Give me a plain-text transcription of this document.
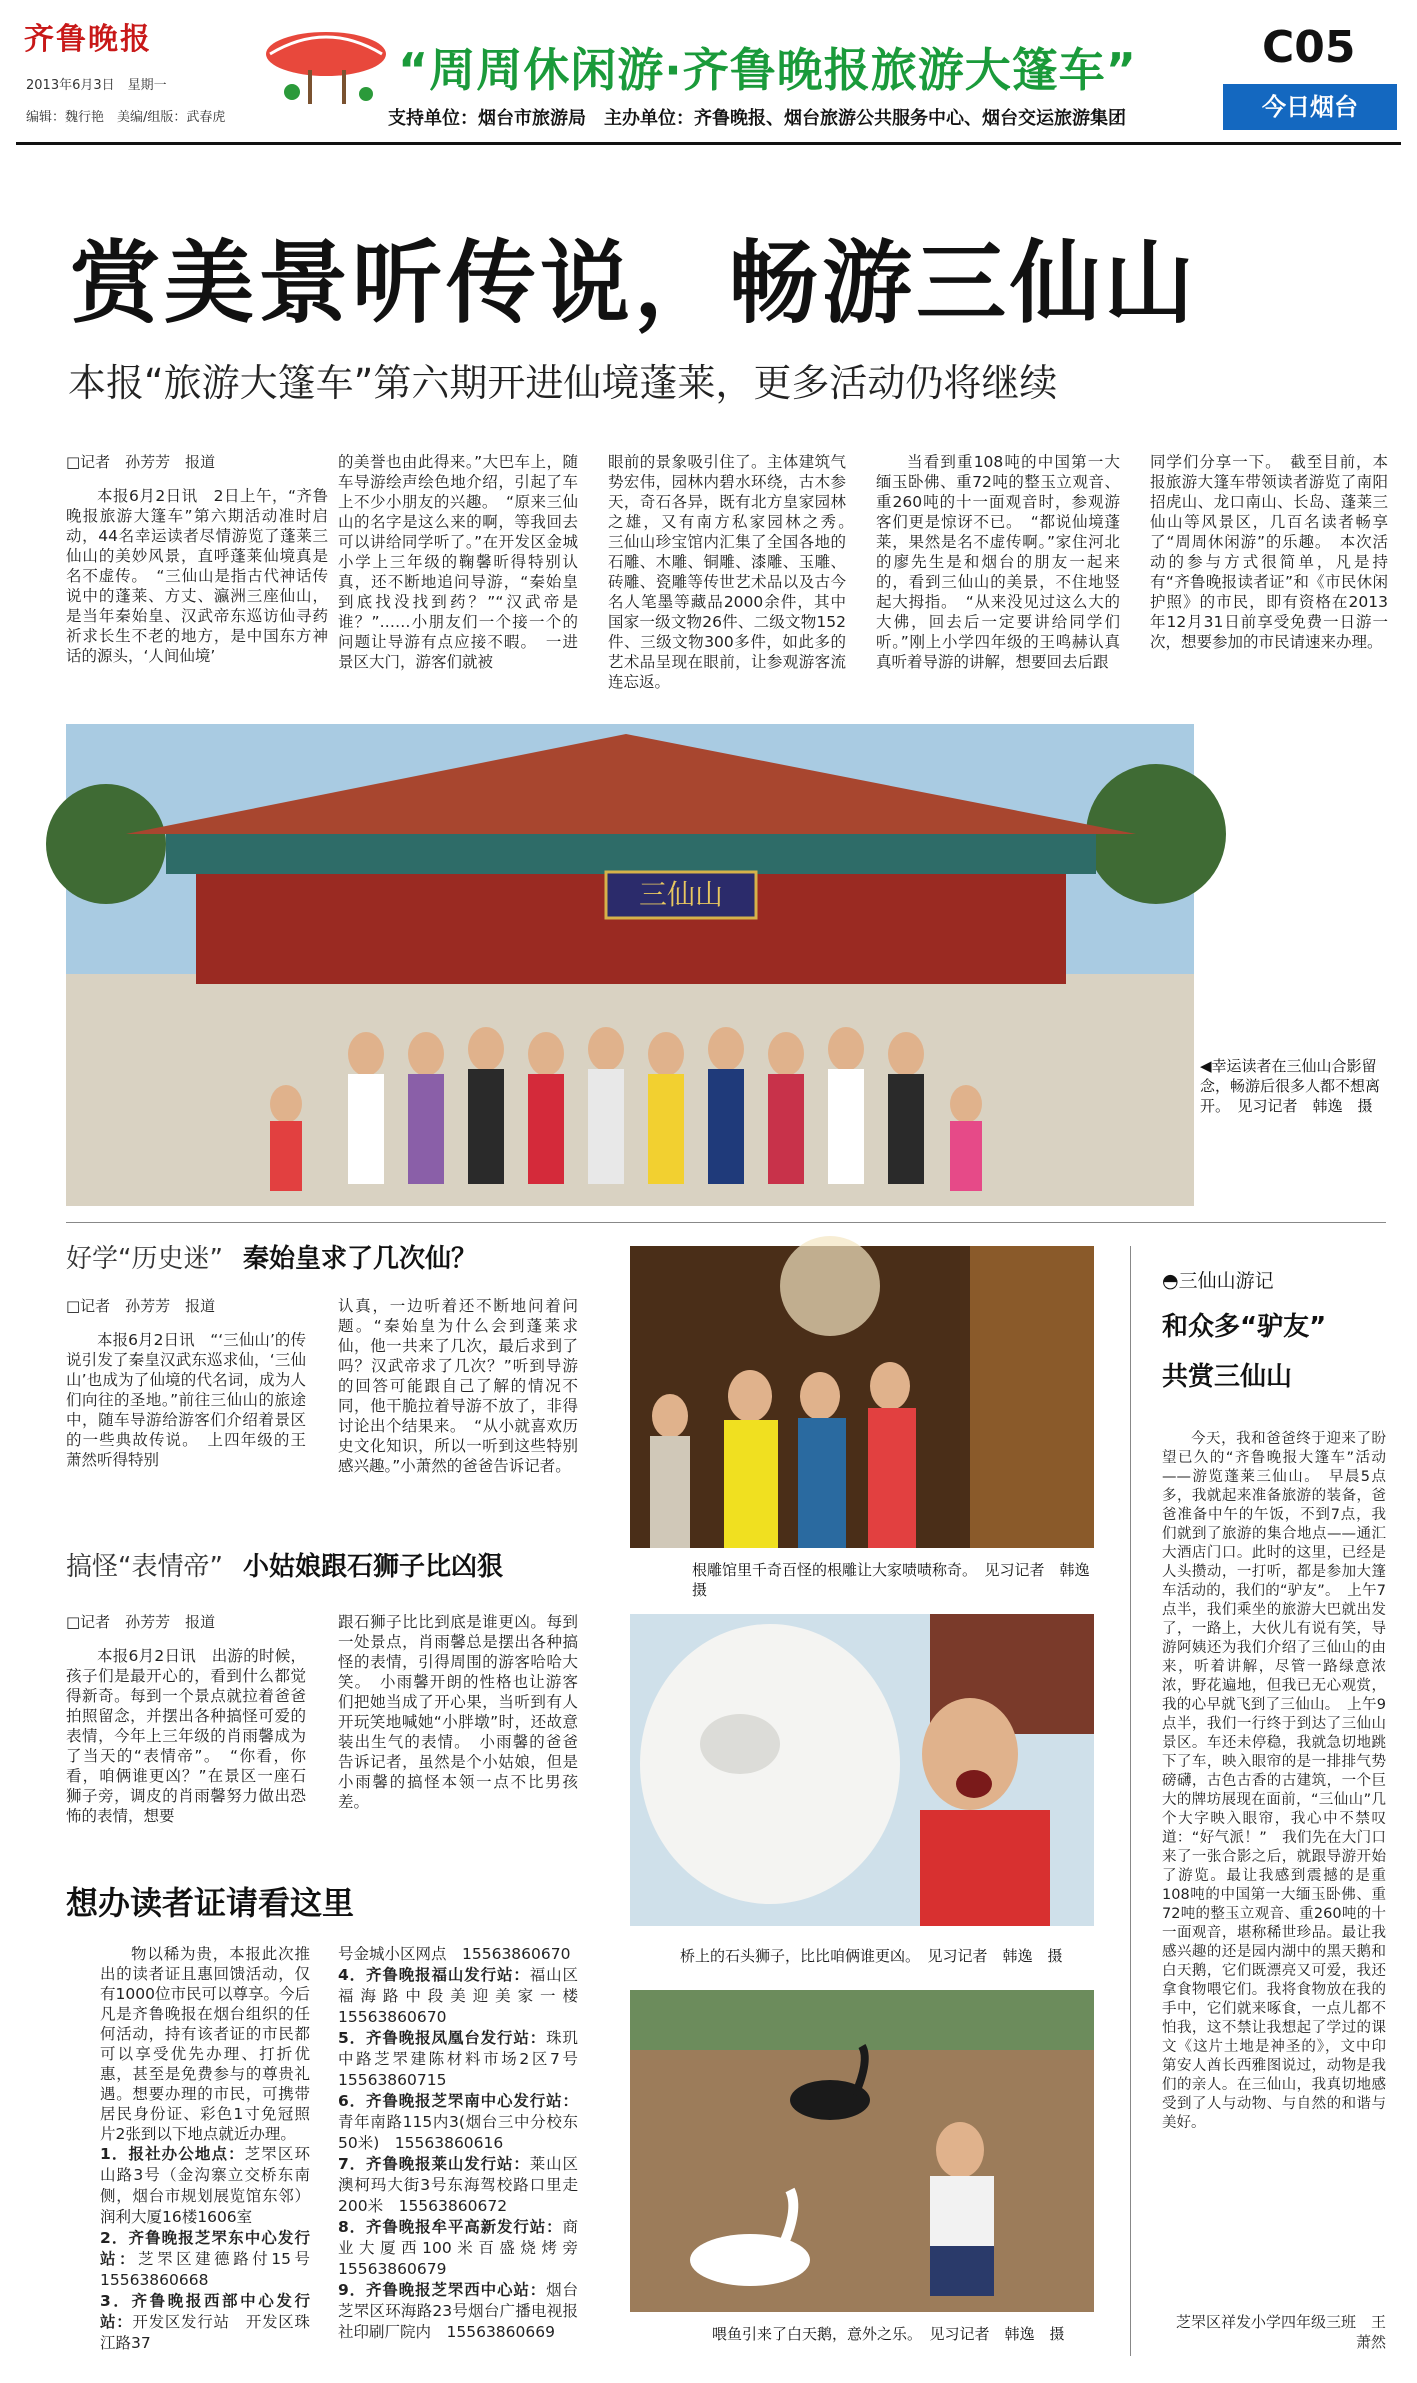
齐鲁晚报
2013年6月3日　星期一
编辑：魏行艳　美编/组版：武春虎
“周周休闲游·齐鲁晚报旅游大篷车”
支持单位：烟台市旅游局　主办单位：齐鲁晚报、烟台旅游公共服务中心、烟台交运旅游集团
C05
今日烟台
赏美景听传说，畅游三仙山
本报“旅游大篷车”第六期开进仙境蓬莱，更多活动仍将继续
□记者　孙芳芳　报道

本报6月2日讯　2日上午，“齐鲁晚报旅游大篷车”第六期活动准时启动，44名幸运读者尽情游览了蓬莱三仙山的美妙风景，直呼蓬莱仙境真是名不虚传。　“三仙山是指古代神话传说中的蓬莱、方丈、瀛洲三座仙山，是当年秦始皇、汉武帝东巡访仙寻药祈求长生不老的地方，是中国东方神话的源头，‘人间仙境’

的美誉也由此得来。”大巴车上，随车导游绘声绘色地介绍，引起了车上不少小朋友的兴趣。　“原来三仙山的名字是这么来的啊，等我回去可以讲给同学听了。”在开发区金城小学上三年级的鞠馨昕得特别认真，还不断地追问导游，“秦始皇到底找没找到药？”“汉武帝是谁？”……小朋友们一个接一个的问题让导游有点应接不暇。　一进景区大门，游客们就被

眼前的景象吸引住了。主体建筑气势宏伟，园林内碧水环绕，古木参天，奇石各异，既有北方皇家园林之雄，又有南方私家园林之秀。　三仙山珍宝馆内汇集了全国各地的石雕、木雕、铜雕、漆雕、玉雕、砖雕、瓷雕等传世艺术品以及古今名人笔墨等藏品2000余件，其中国家一级文物26件、二级文物152件、三级文物300多件，如此多的艺术品呈现在眼前，让参观游客流连忘返。

当看到重108吨的中国第一大缅玉卧佛、重72吨的整玉立观音、重260吨的十一面观音时，参观游客们更是惊讶不已。　“都说仙境蓬莱，果然是名不虚传啊。”家住河北的廖先生是和烟台的朋友一起来的，看到三仙山的美景，不住地竖起大拇指。　“从来没见过这么大的大佛，回去后一定要讲给同学们听。”刚上小学四年级的王鸣赫认真真听着导游的讲解，想要回去后跟

同学们分享一下。　截至目前，本报旅游大篷车带领读者游览了南阳招虎山、龙口南山、长岛、蓬莱三仙山等风景区，几百名读者畅享了“周周休闲游”的乐趣。　本次活动的参与方式很简单，凡是持有“齐鲁晚报读者证”和《市民休闲护照》的市民，即有资格在2013年12月31日前享受免费一日游一次，想要参加的市民请速来办理。

三仙山
◀幸运读者在三仙山合影留念，畅游后很多人都不想离开。　见习记者　韩逸　摄
好学“历史迷” 秦始皇求了几次仙？
□记者　孙芳芳　报道

本报6月2日讯　“‘三仙山’的传说引发了秦皇汉武东巡求仙，‘三仙山’也成为了仙境的代名词，成为人们向往的圣地。”前往三仙山的旅途中，随车导游给游客们介绍着景区的一些典故传说。　上四年级的王萧然听得特别

认真，一边听着还不断地问着问题。“秦始皇为什么会到蓬莱求仙，他一共来了几次，最后求到了吗？汉武帝求了几次？”听到导游的回答可能跟自己了解的情况不同，他干脆拉着导游不放了，非得讨论出个结果来。　“从小就喜欢历史文化知识，所以一听到这些特别感兴趣。”小萧然的爸爸告诉记者。

搞怪“表情帝” 小姑娘跟石狮子比凶狠
□记者　孙芳芳　报道

本报6月2日讯　出游的时候，孩子们是最开心的，看到什么都觉得新奇。每到一个景点就拉着爸爸拍照留念，并摆出各种搞怪可爱的表情，今年上三年级的肖雨馨成为了当天的“表情帝”。　“你看，你看，咱俩谁更凶？”在景区一座石狮子旁，调皮的肖雨馨努力做出恐怖的表情，想要

跟石狮子比比到底是谁更凶。每到一处景点，肖雨馨总是摆出各种搞怪的表情，引得周围的游客哈哈大笑。　小雨馨开朗的性格也让游客们把她当成了开心果，当听到有人开玩笑地喊她“小胖墩”时，还故意装出生气的表情。　小雨馨的爸爸告诉记者，虽然是个小姑娘，但是小雨馨的搞怪本领一点不比男孩差。

想办读者证请看这里

物以稀为贵，本报此次推出的读者证且惠回馈活动，仅有1000位市民可以尊享。今后凡是齐鲁晚报在烟台组织的任何活动，持有该者证的市民都可以享受优先办理、打折优惠，甚至是免费参与的尊贵礼遇。想要办理的市民，可携带居民身份证、彩色1寸免冠照片2张到以下地点就近办理。

1．报社办公地点：芝罘区环山路3号（金沟寨立交桥东南侧，烟台市规划展览馆东邻）润利大厦16楼1606室
2．齐鲁晚报芝罘东中心发行站：芝罘区建德路付15号　15563860668
3．齐鲁晚报西部中心发行站：开发区发行站　开发区珠江路37
号金城小区网点　15563860670
4．齐鲁晚报福山发行站：福山区福海路中段美迎美家一楼　15563860670
5．齐鲁晚报凤凰台发行站：珠玑中路芝罘建陈材料市场2区7号　15563860715
6．齐鲁晚报芝罘南中心发行站：青年南路115内3(烟台三中分校东50米)　15563860616
7．齐鲁晚报莱山发行站：莱山区澳柯玛大街3号东海驾校路口里走200米　15563860672
8．齐鲁晚报牟平高新发行站：商业大厦西100米百盛烧烤旁　15563860679
9．齐鲁晚报芝罘西中心站：烟台芝罘区环海路23号烟台广播电视报社印刷厂院内　15563860669
根雕馆里千奇百怪的根雕让大家啧啧称奇。　见习记者　韩逸　摄
桥上的石头狮子，比比咱俩谁更凶。　见习记者　韩逸　摄
喂鱼引来了白天鹅，意外之乐。　见习记者　韩逸　摄
◓三仙山游记
和众多“驴友”
共赏三仙山

今天，我和爸爸终于迎来了盼望已久的“齐鲁晚报大篷车”活动——游览蓬莱三仙山。　早晨5点多，我就起来准备旅游的装备，爸爸准备中午的午饭，不到7点，我们就到了旅游的集合地点——通汇大酒店门口。此时的这里，已经是人头攒动，一打听，都是参加大篷车活动的，我们的“驴友”。　上午7点半，我们乘坐的旅游大巴就出发了，一路上，大伙儿有说有笑，导游阿姨还为我们介绍了三仙山的由来，听着讲解，尽管一路绿意浓浓，野花遍地，但我已无心观赏，我的心早就飞到了三仙山。　上午9点半，我们一行终于到达了三仙山景区。车还未停稳，我就急切地跳下了车，映入眼帘的是一排排气势磅礴，古色古香的古建筑，一个巨大的牌坊展现在面前，“三仙山”几个大字映入眼帘，我心中不禁叹道：“好气派！”　我们先在大门口来了一张合影之后，就跟导游开始了游览。最让我感到震撼的是重108吨的中国第一大缅玉卧佛、重72吨的整玉立观音、重260吨的十一面观音，堪称稀世珍品。最让我感兴趣的还是园内湖中的黑天鹅和白天鹅，它们既漂亮又可爱，我还拿食物喂它们。我将食物放在我的手中，它们就来啄食，一点儿都不怕我，这不禁让我想起了学过的课文《这片土地是神圣的》，文中印第安人酋长西雅图说过，动物是我们的亲人。在三仙山，我真切地感受到了人与动物、与自然的和谐与美好。

芝罘区祥发小学四年级三班　王萧然
